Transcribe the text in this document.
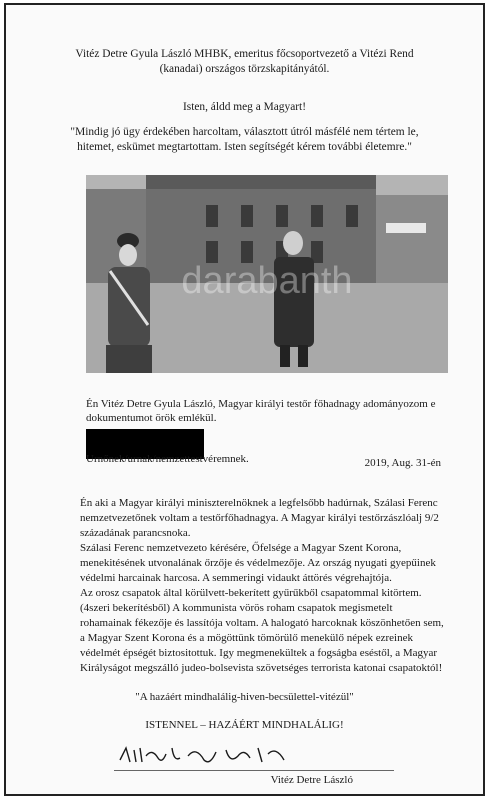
Vitéz Detre Gyula László MHBK, emeritus főcsoportvezető a Vitézi Rend (kanadai) országos törzskapitányától.
Isten, áldd meg a Magyart!
"Mindig jó ügy érdekében harcoltam, választott útról másfélé nem tértem le, hitemet, eskümet megtartottam. Isten segítségét kérem további életemre."
darabanth
Én Vitéz Detre Gyula László, Magyar királyi testőr főhadnagy adományozom e dokumentumot örök emlékül.
Urnőnek/urnak/nemzettestvéremnek.	2019, Aug. 31-én
Én aki a Magyar királyi miniszterelnöknek a legfelsőbb hadúrnak, Szálasi Ferenc
nemzetvezetőnek voltam a testőrfőhadnagya. A Magyar királyi testőrzászlóalj 9/2
századának parancsnoka.
Szálasi Ferenc nemzetvezeto kérésére, Őfelsége a Magyar Szent Korona,
menekitésének utvonalának őrzője és védelmezője. Az ország nyugati gyepűinek
védelmi harcainak harcosa. A semmeringi vidaukt áttörés végrehajtója.
Az orosz csapatok által körülvett-bekerített gyűrűkből csapatommal kitörtem.
(4szeri bekerítésből) A kommunista vörös roham csapatok megismetelt
rohamainak fékezője és lassítója voltam. A halogató harcoknak köszönhetően sem,
a Magyar Szent Korona és a mögöttünk tömörülő menekülő népek ezreinek
védelmét épségét biztositottuk. Igy megmenekültek a fogságba eséstől, a Magyar
Királyságot megszálló judeo-bolsevista szövetséges terrorista katonai csapatoktól!
"A hazáért mindhalálig-hiven-becsülettel-vitézül"
ISTENNEL – HAZÁÉRT MINDHALÁLIG!
Vitéz Detre László
